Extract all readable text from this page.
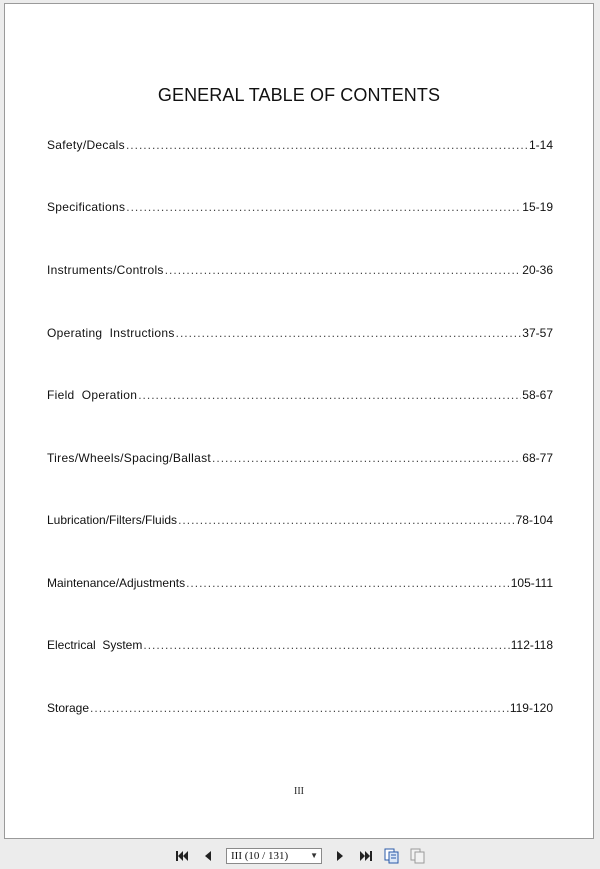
GENERAL TABLE OF CONTENTS
Safety/Decals .....	1-14
Specifications .....	15-19
Instruments/Controls .....	20-36
Operating  Instructions .....	37-57
Field  Operation .....	58-67
Tires/Wheels/Spacing/Ballast .....	68-77
Lubrication/Filters/Fluids .....	78-104
Maintenance/Adjustments .....	105-111
Electrical  System .....	112-118
Storage .....	119-120
III
III (10 / 131)	▼
